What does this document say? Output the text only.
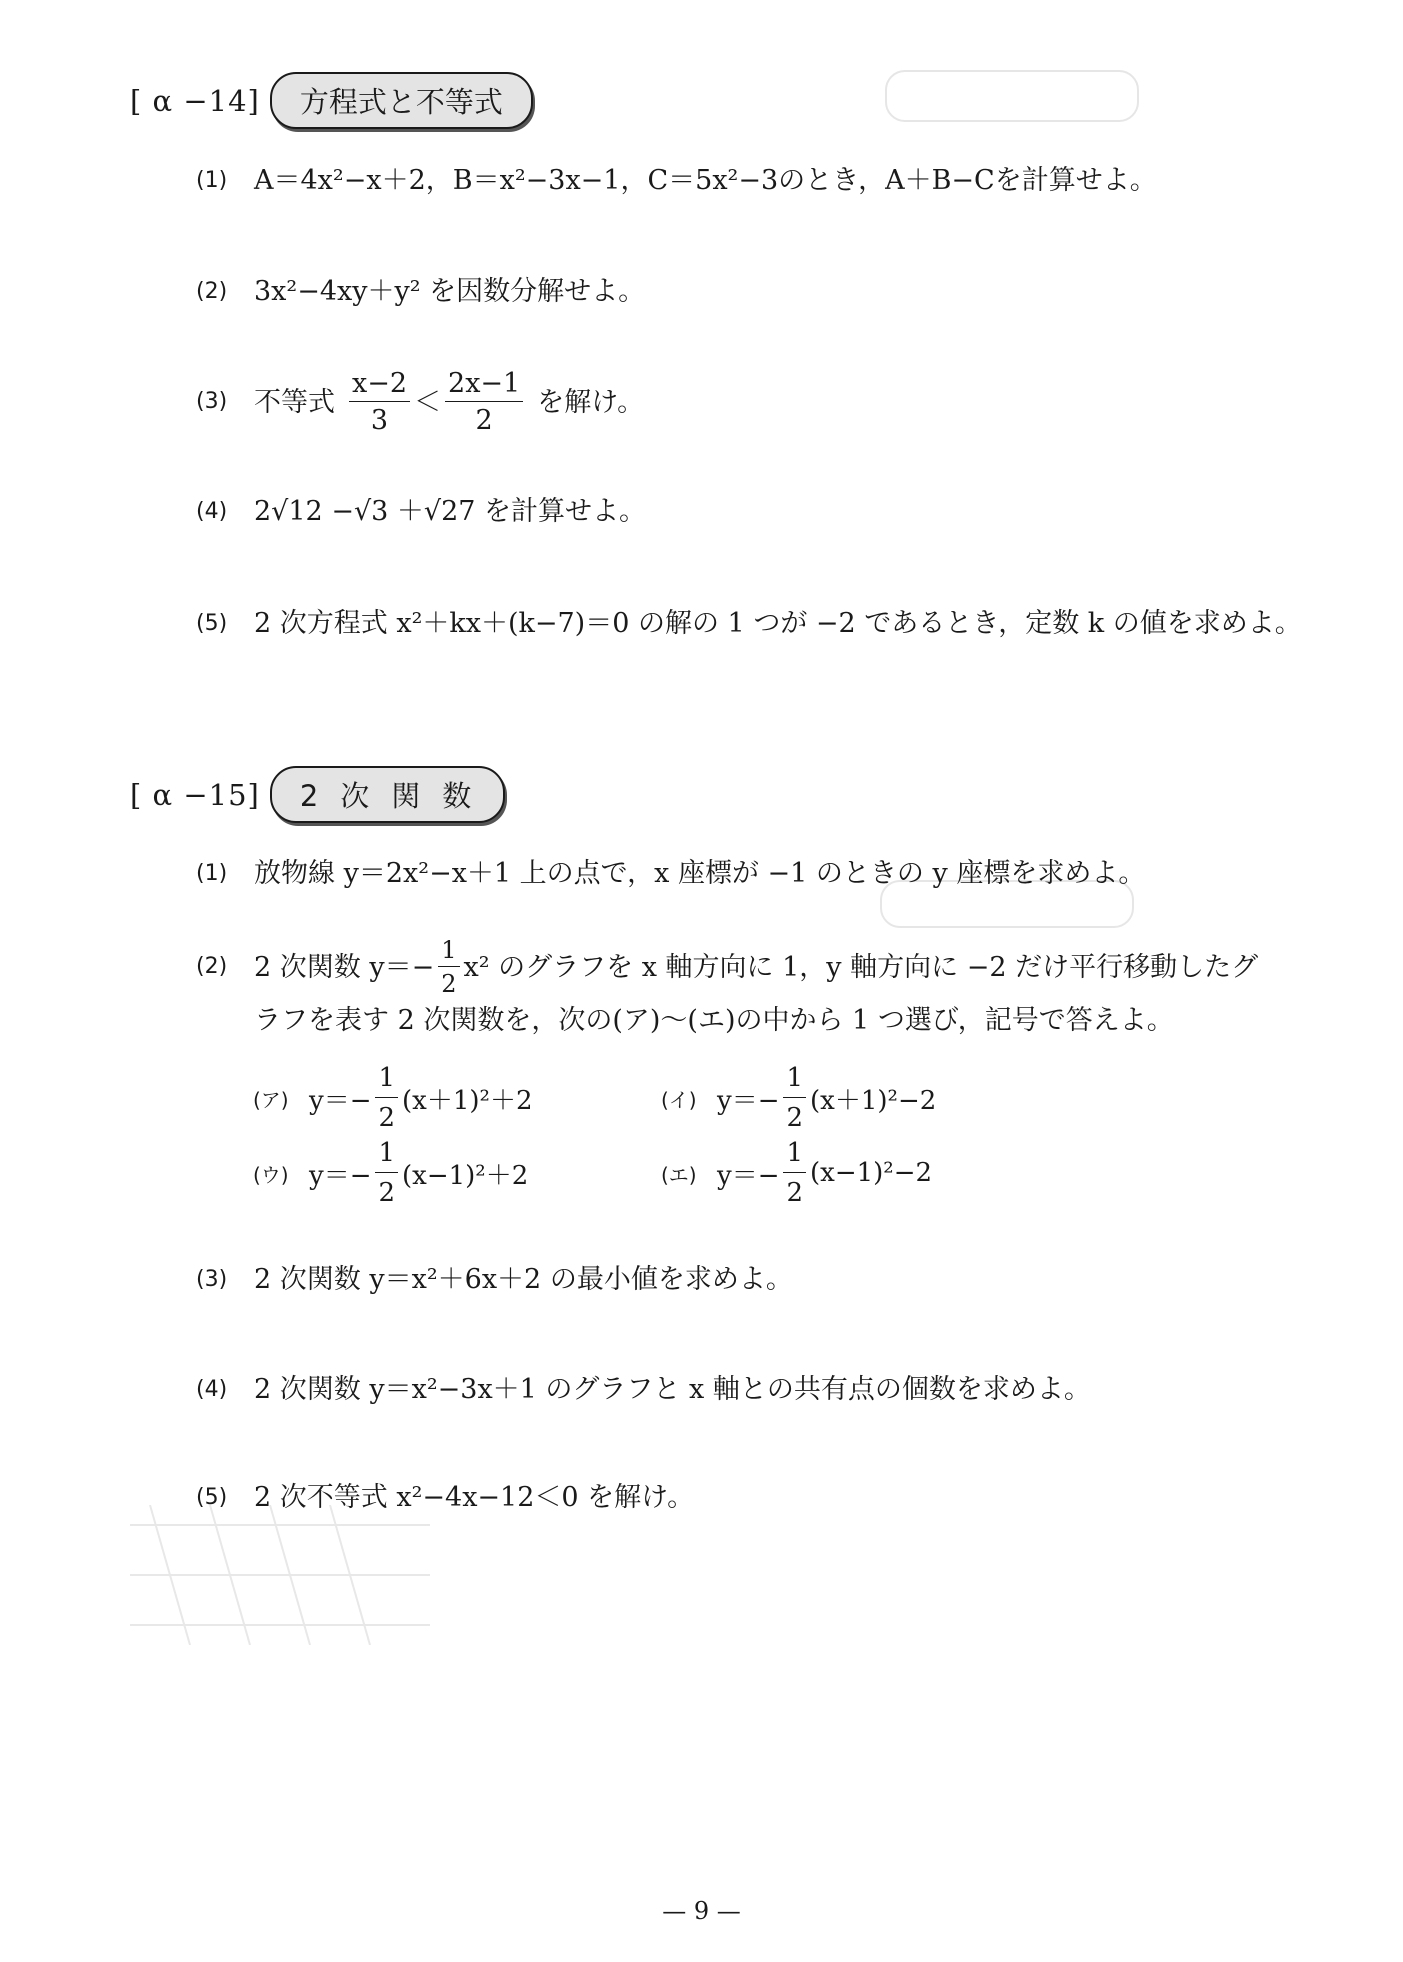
[ α −14]	方程式と不等式
(1) A＝4x²−x＋2，B＝x²−3x−1，C＝5x²−3のとき，A＋B−Cを計算せよ。
(2) 3x²−4xy＋y² を因数分解せよ。
(3) 不等式 $\frac{x-2}{3} < \frac{2x-1}{2}$ を解け。
(4) 2√12 −√3 ＋√27 を計算せよ。
(5) 2 次方程式 x²＋kx＋(k−7)＝0 の解の 1 つが −2 であるとき，定数 k の値を求めよ。
[ α −15]	2次関数
(1) 放物線 y＝2x²−x＋1 上の点で，x 座標が −1 のときの y 座標を求めよ。
(2) 2 次関数 $y=- \frac{1}{2} x^2$ のグラフを x 軸方向に 1，y 軸方向に −2 だけ平行移動したグ
ラフを表す 2 次関数を，次の(ア)～(エ)の中から 1 つ選び，記号で答えよ。
(ア) $y=- \frac{1}{2} (x+1)^2+2$	(イ) $y=- \frac{1}{2} (x+1)^2-2$
(ウ) $y=- \frac{1}{2} (x-1)^2+2$	(エ) $y=- \frac{1}{2} (x-1)^2-2$
(3) 2 次関数 y＝x²＋6x＋2 の最小値を求めよ。
(4) 2 次関数 y＝x²−3x＋1 のグラフと x 軸との共有点の個数を求めよ。
(5) 2 次不等式 x²−4x−12＜0 を解け。
— 9 —
